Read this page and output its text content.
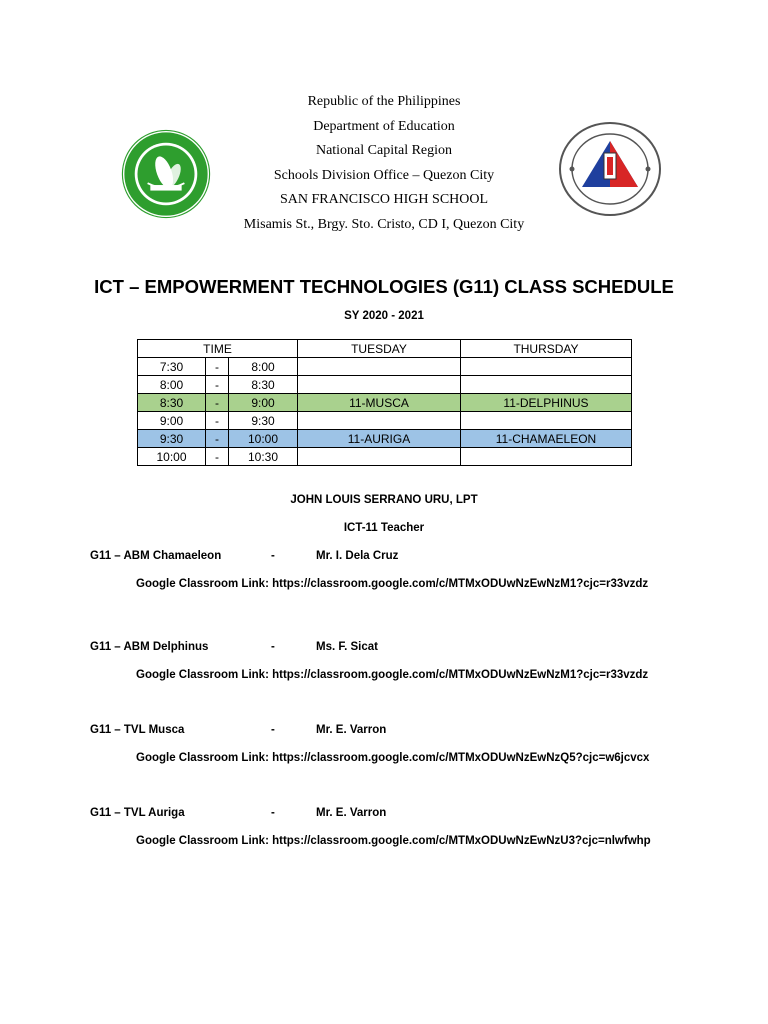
Republic of the Philippines
Department of Education
National Capital Region
Schools Division Office – Quezon City
SAN FRANCISCO HIGH SCHOOL
Misamis St., Brgy. Sto. Cristo, CD I, Quezon City
ICT – EMPOWERMENT TECHNOLOGIES (G11) CLASS SCHEDULE
SY 2020 - 2021
TIME			TUESDAY	THURSDAY
7:30	-	8:00		
8:00	-	8:30		
8:30	-	9:00	11-MUSCA	11-DELPHINUS
9:00	-	9:30		
9:30	-	10:00	11-AURIGA	11-CHAMAELEON
10:00	-	10:30		
JOHN LOUIS SERRANO URU, LPT
ICT-11 Teacher
G11 – ABM Chamaeleon	-	Mr. I. Dela Cruz
Google Classroom Link: https://classroom.google.com/c/MTMxODUwNzEwNzM1?cjc=r33vzdz
G11 – ABM Delphinus	-	Ms. F. Sicat
Google Classroom Link: https://classroom.google.com/c/MTMxODUwNzEwNzM1?cjc=r33vzdz
G11 – TVL Musca	-	Mr. E. Varron
Google Classroom Link: https://classroom.google.com/c/MTMxODUwNzEwNzQ5?cjc=w6jcvcx
G11 – TVL Auriga	-	Mr. E. Varron
Google Classroom Link: https://classroom.google.com/c/MTMxODUwNzEwNzU3?cjc=nlwfwhp
